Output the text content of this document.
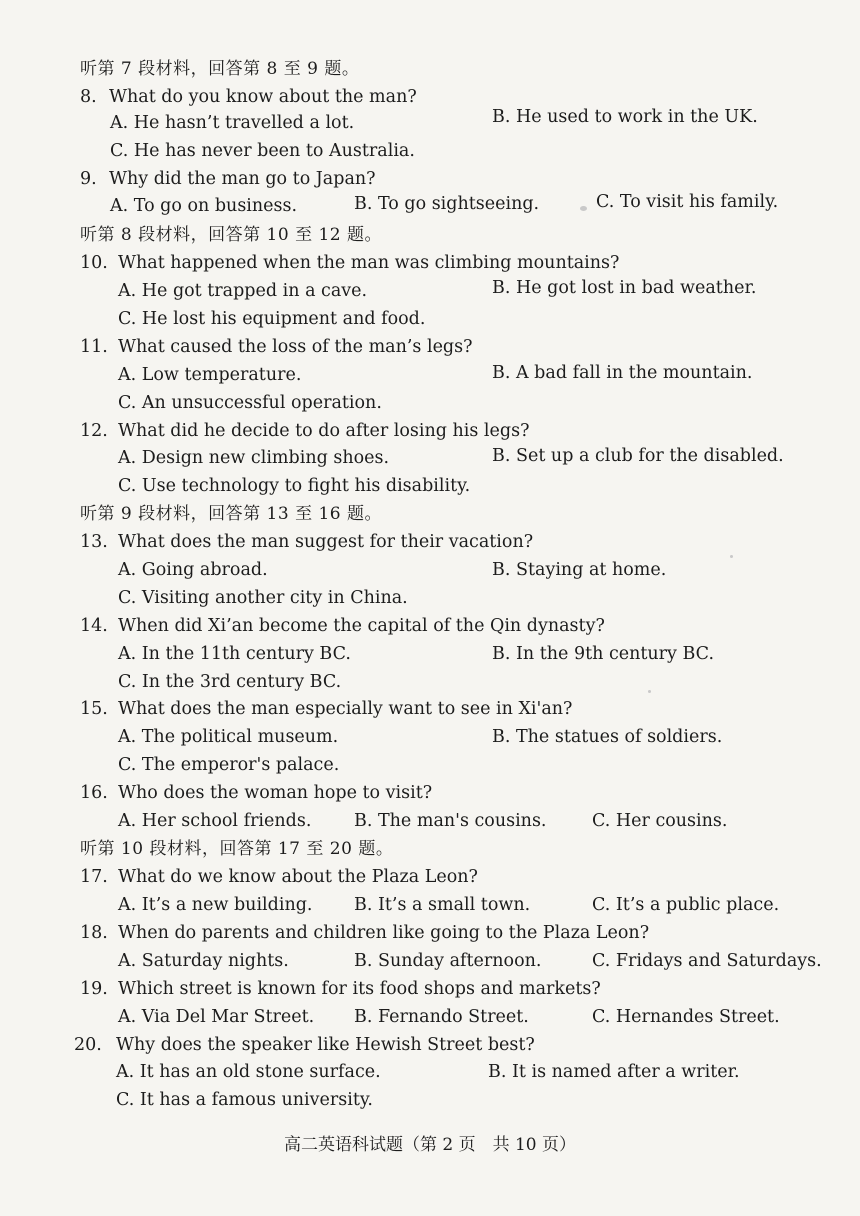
听第 7 段材料，回答第 8 至 9 题。
8. What do you know about the man?
A. He hasn’t travelled a lot.	B. He used to work in the UK.
C. He has never been to Australia.
9. Why did the man go to Japan?
A. To go on business.	B. To go sightseeing.	C. To visit his family.
听第 8 段材料，回答第 10 至 12 题。
10. What happened when the man was climbing mountains?
A. He got trapped in a cave.	B. He got lost in bad weather.
C. He lost his equipment and food.
11. What caused the loss of the man’s legs?
A. Low temperature.	B. A bad fall in the mountain.
C. An unsuccessful operation.
12. What did he decide to do after losing his legs?
A. Design new climbing shoes.	B. Set up a club for the disabled.
C. Use technology to fight his disability.
听第 9 段材料，回答第 13 至 16 题。
13. What does the man suggest for their vacation?
A. Going abroad.	B. Staying at home.
C. Visiting another city in China.
14. When did Xi’an become the capital of the Qin dynasty?
A. In the 11th century BC.	B. In the 9th century BC.
C. In the 3rd century BC.
15. What does the man especially want to see in Xi'an?
A. The political museum.	B. The statues of soldiers.
C. The emperor's palace.
16. Who does the woman hope to visit?
A. Her school friends. B. The man's cousins.	C. Her cousins.
听第 10 段材料，回答第 17 至 20 题。
17. What do we know about the Plaza Leon?
A. It’s a new building. B. It’s a small town.	C. It’s a public place.
18. When do parents and children like going to the Plaza Leon?
A. Saturday nights.	B. Sunday afternoon.	C. Fridays and Saturdays.
19. Which street is known for its food shops and markets?
A. Via Del Mar Street. B. Fernando Street.	C. Hernandes Street.
20. Why does the speaker like Hewish Street best?
A. It has an old stone surface.	B. It is named after a writer.
C. It has a famous university.
高二英语科试题（第 2 页　共 10 页）
